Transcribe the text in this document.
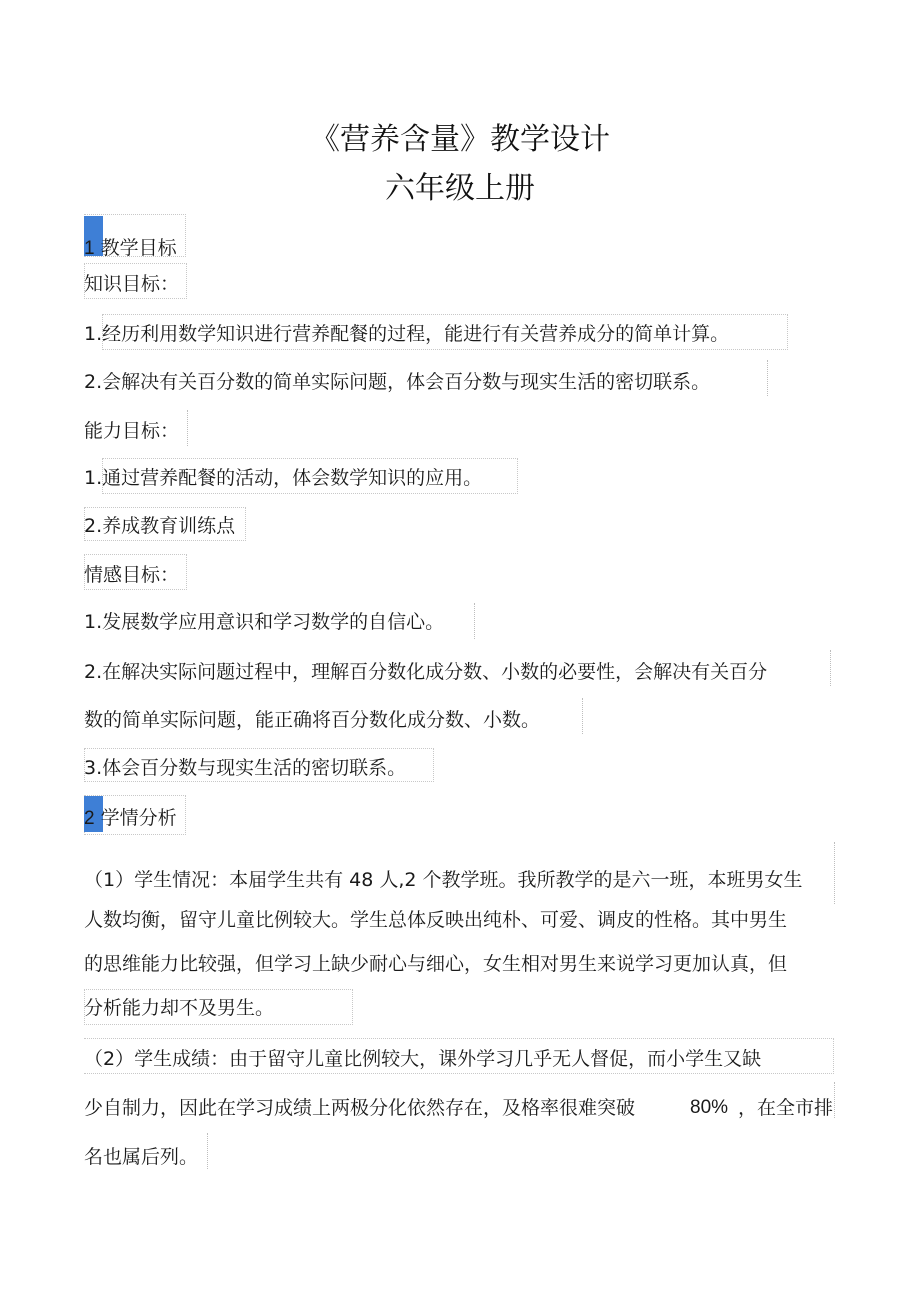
《营养含量》教学设计
六年级上册
1 教学目标
知识目标：
1.经历利用数学知识进行营养配餐的过程，能进行有关营养成分的简单计算。
2.会解决有关百分数的简单实际问题，体会百分数与现实生活的密切联系。
能力目标：
1.通过营养配餐的活动，体会数学知识的应用。
2.养成教育训练点
情感目标：
1.发展数学应用意识和学习数学的自信心。
2.在解决实际问题过程中，理解百分数化成分数、小数的必要性，会解决有关百分
数的简单实际问题，能正确将百分数化成分数、小数。
3.体会百分数与现实生活的密切联系。
2 学情分析
（1）学生情况：本届学生共有 48 人,2 个教学班。我所教学的是六一班，本班男女生
人数均衡，留守儿童比例较大。学生总体反映出纯朴、可爱、调皮的性格。其中男生
的思维能力比较强，但学习上缺少耐心与细心，女生相对男生来说学习更加认真，但
分析能力却不及男生。
（2）学生成绩：由于留守儿童比例较大，课外学习几乎无人督促，而小学生又缺
少自制力，因此在学习成绩上两极分化依然存在，及格率很难突破	80% ，在全市排
名也属后列。
